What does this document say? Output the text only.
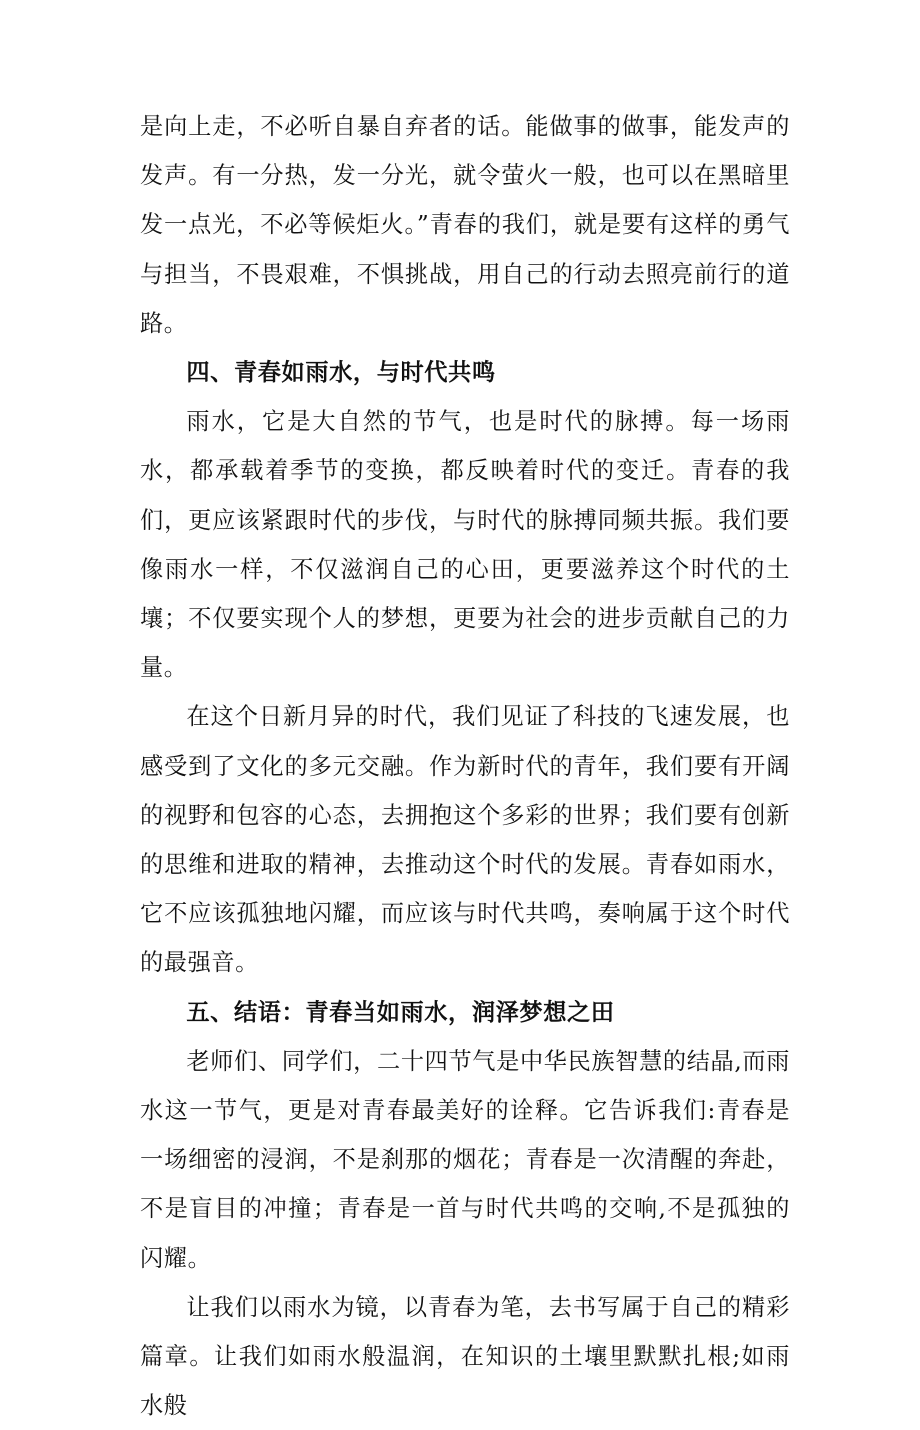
是向上走，不必听自暴自弃者的话。能做事的做事，能发声的发声。有一分热，发一分光，就令萤火一般，也可以在黑暗里发一点光，不必等候炬火。”青春的我们，就是要有这样的勇气与担当，不畏艰难，不惧挑战，用自己的行动去照亮前行的道路。

四、青春如雨水，与时代共鸣

雨水，它是大自然的节气，也是时代的脉搏。每一场雨水，都承载着季节的变换，都反映着时代的变迁。青春的我们，更应该紧跟时代的步伐，与时代的脉搏同频共振。我们要像雨水一样，不仅滋润自己的心田，更要滋养这个时代的土壤；不仅要实现个人的梦想，更要为社会的进步贡献自己的力量。

在这个日新月异的时代，我们见证了科技的飞速发展，也感受到了文化的多元交融。作为新时代的青年，我们要有开阔的视野和包容的心态，去拥抱这个多彩的世界；我们要有创新的思维和进取的精神，去推动这个时代的发展。青春如雨水，它不应该孤独地闪耀，而应该与时代共鸣，奏响属于这个时代的最强音。

五、结语：青春当如雨水，润泽梦想之田

老师们、同学们，二十四节气是中华民族智慧的结晶,而雨水这一节气，更是对青春最美好的诠释。它告诉我们:青春是一场细密的浸润，不是刹那的烟花；青春是一次清醒的奔赴，不是盲目的冲撞；青春是一首与时代共鸣的交响,不是孤独的闪耀。

让我们以雨水为镜，以青春为笔，去书写属于自己的精彩篇章。让我们如雨水般温润，在知识的土壤里默默扎根;如雨水般
